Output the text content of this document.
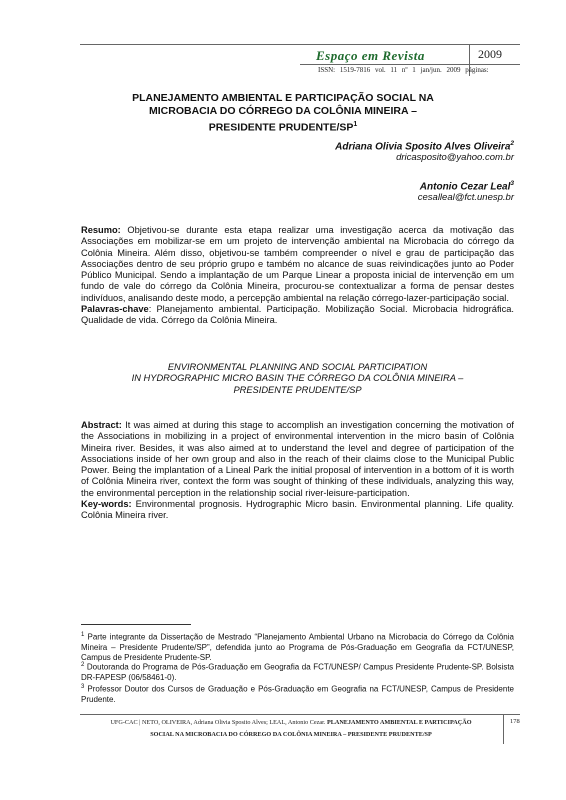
Espaço em Revista	2009
ISSN: 1519-7816 vol. 11 nº 1 jan/jun. 2009 páginas:
PLANEJAMENTO AMBIENTAL E PARTICIPAÇÃO SOCIAL NA
MICROBACIA DO CÓRREGO DA COLÔNIA MINEIRA –
PRESIDENTE PRUDENTE/$SP^1$
Adriana Olivia Sposito Alves Oliveira$^2$
dricasposito@yahoo.com.br
Antonio Cezar Leal$^3$
cesalleal@fct.unesp.br
Resumo: Objetivou-se durante esta etapa realizar uma investigação acerca da motivação das Associações em mobilizar-se em um projeto de intervenção ambiental na Microbacia do córrego da Colônia Mineira. Além disso, objetivou-se também compreender o nível e grau de participação das Associações dentro de seu próprio grupo e também no alcance de suas reivindicações junto ao Poder Público Municipal. Sendo a implantação de um Parque Linear a proposta inicial de intervenção em um fundo de vale do córrego da Colônia Mineira, procurou-se contextualizar a forma de pensar destes indivíduos, analisando deste modo, a percepção ambiental na relação córrego-lazer-participação social.
Palavras-chave: Planejamento ambiental. Participação. Mobilização Social. Microbacia hidrográfica. Qualidade de vida. Córrego da Colônia Mineira.
ENVIRONMENTAL PLANNING AND SOCIAL PARTICIPATION
IN HYDROGRAPHIC MICRO BASIN THE CÓRREGO DA COLÔNIA MINEIRA –
PRESIDENTE PRUDENTE/SP
Abstract: It was aimed at during this stage to accomplish an investigation concerning the motivation of the Associations in mobilizing in a project of environmental intervention in the micro basin of Colônia Mineira river. Besides, it was also aimed at to understand the level and degree of participation of the Associations inside of her own group and also in the reach of their claims close to the Municipal Public Power. Being the implantation of a Lineal Park the initial proposal of intervention in a bottom of it is worth of Colônia Mineira river, context the form was sought of thinking of these individuals, analyzing this way, the environmental perception in the relationship social river-leisure-participation.
Key-words: Environmental prognosis. Hydrographic Micro basin. Environmental planning. Life quality. Colônia Mineira river.
$^1$ Parte integrante da Dissertação de Mestrado “Planejamento Ambiental Urbano na Microbacia do Córrego da Colônia Mineira – Presidente Prudente/SP”, defendida junto ao Programa de Pós-Graduação em Geografia da FCT/UNESP, Campus de Presidente Prudente-SP.
$^2$ Doutoranda do Programa de Pós-Graduação em Geografia da FCT/UNESP/ Campus Presidente Prudente-SP. Bolsista DR-FAPESP (06/58461-0).
$^3$ Professor Doutor dos Cursos de Graduação e Pós-Graduação em Geografia na FCT/UNESP, Campus de Presidente Prudente.
UFG-CAC | NETO, OLIVEIRA, Adriana Olivia Sposito Alves; LEAL, Antonio Cezar. PLANEJAMENTO AMBIENTAL E PARTICIPAÇÃO
SOCIAL NA MICROBACIA DO CÓRREGO DA COLÔNIA MINEIRA – PRESIDENTE PRUDENTE/SP
178
